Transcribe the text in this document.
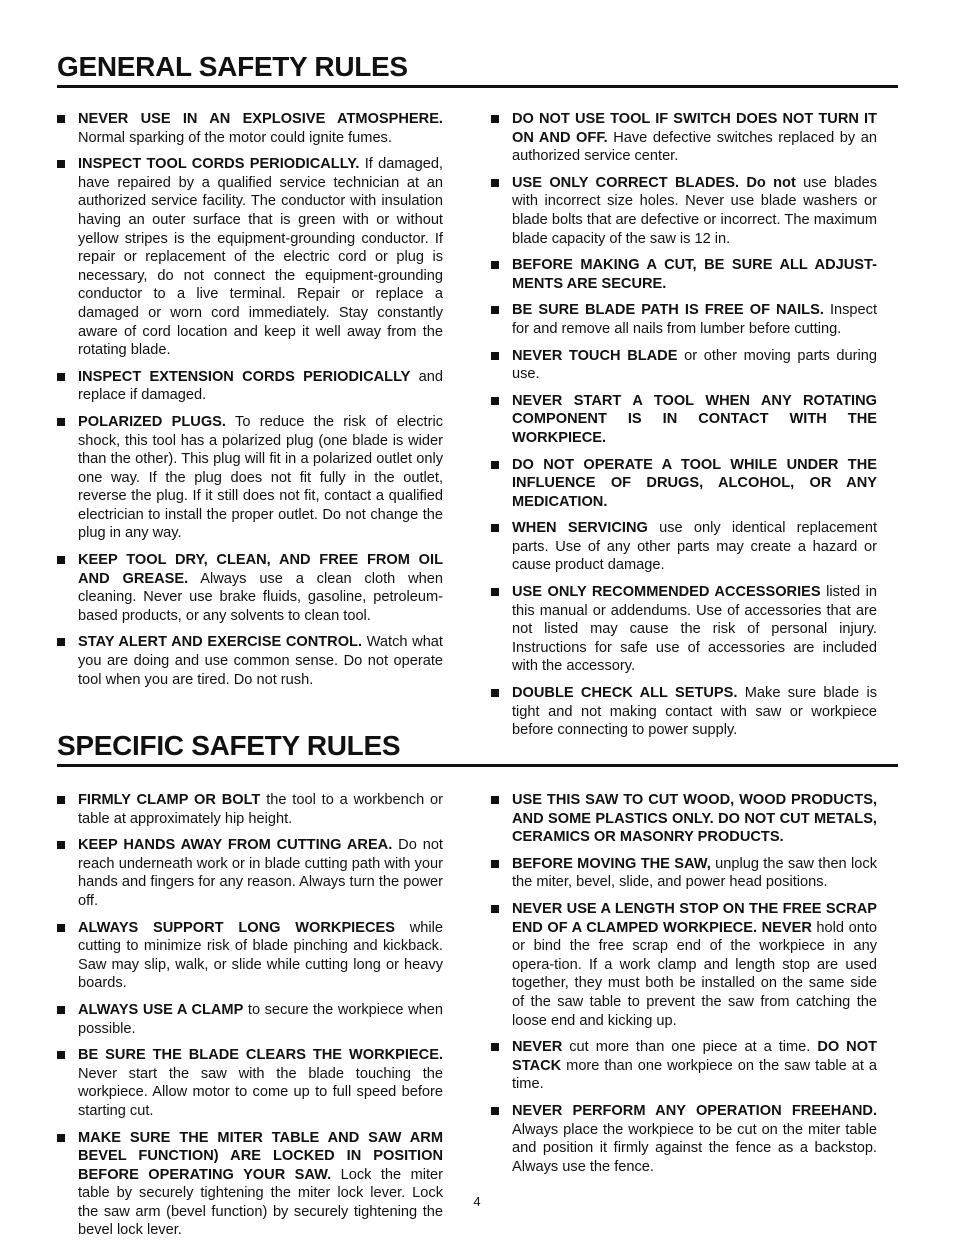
GENERAL SAFETY RULES
NEVER USE IN AN EXPLOSIVE ATMOSPHERE. Normal sparking of the motor could ignite fumes.
INSPECT TOOL CORDS PERIODICALLY. If damaged, have repaired by a qualified service technician at an authorized service facility. The conductor with insulation having an outer surface that is green with or without yellow stripes is the equipment-grounding conductor. If repair or replacement of the electric cord or plug is necessary, do not connect the equipment-grounding conductor to a live terminal. Repair or replace a damaged or worn cord immediately. Stay constantly aware of cord location and keep it well away from the rotating blade.
INSPECT EXTENSION CORDS PERIODICALLY and replace if damaged.
POLARIZED PLUGS. To reduce the risk of electric shock, this tool has a polarized plug (one blade is wider than the other). This plug will fit in a polarized outlet only one way. If the plug does not fit fully in the outlet, reverse the plug. If it still does not fit, contact a qualified electrician to install the proper outlet. Do not change the plug in any way.
KEEP TOOL DRY, CLEAN, AND FREE FROM OIL AND GREASE. Always use a clean cloth when cleaning. Never use brake fluids, gasoline, petroleum-based products, or any solvents to clean tool.
STAY ALERT AND EXERCISE CONTROL. Watch what you are doing and use common sense. Do not operate tool when you are tired. Do not rush.
DO NOT USE TOOL IF SWITCH DOES NOT TURN IT ON AND OFF. Have defective switches replaced by an authorized service center.
USE ONLY CORRECT BLADES. Do not use blades with incorrect size holes. Never use blade washers or blade bolts that are defective or incorrect. The maximum blade capacity of the saw is 12 in.
BEFORE MAKING A CUT, BE SURE ALL ADJUST-MENTS ARE SECURE.
BE SURE BLADE PATH IS FREE OF NAILS. Inspect for and remove all nails from lumber before cutting.
NEVER TOUCH BLADE or other moving parts during use.
NEVER START A TOOL WHEN ANY ROTATING COMPONENT IS IN CONTACT WITH THE WORKPIECE.
DO NOT OPERATE A TOOL WHILE UNDER THE INFLUENCE OF DRUGS, ALCOHOL, OR ANY MEDICATION.
WHEN SERVICING use only identical replacement parts. Use of any other parts may create a hazard or cause product damage.
USE ONLY RECOMMENDED ACCESSORIES listed in this manual or addendums. Use of accessories that are not listed may cause the risk of personal injury. Instructions for safe use of accessories are included with the accessory.
DOUBLE CHECK ALL SETUPS. Make sure blade is tight and not making contact with saw or workpiece before connecting to power supply.
SPECIFIC SAFETY RULES
FIRMLY CLAMP OR BOLT the tool to a workbench or table at approximately hip height.
KEEP HANDS AWAY FROM CUTTING AREA. Do not reach underneath work or in blade cutting path with your hands and fingers for any reason. Always turn the power off.
ALWAYS SUPPORT LONG WORKPIECES while cutting to minimize risk of blade pinching and kickback. Saw may slip, walk, or slide while cutting long or heavy boards.
ALWAYS USE A CLAMP to secure the workpiece when possible.
BE SURE THE BLADE CLEARS THE WORKPIECE. Never start the saw with the blade touching the workpiece. Allow motor to come up to full speed before starting cut.
MAKE SURE THE MITER TABLE AND SAW ARM BEVEL FUNCTION) ARE LOCKED IN POSITION BEFORE OPERATING YOUR SAW. Lock the miter table by securely tightening the miter lock lever. Lock the saw arm (bevel function) by securely tightening the bevel lock lever.
USE THIS SAW TO CUT WOOD, WOOD PRODUCTS, AND SOME PLASTICS ONLY. DO NOT CUT METALS, CERAMICS OR MASONRY PRODUCTS.
BEFORE MOVING THE SAW, unplug the saw then lock the miter, bevel, slide, and power head positions.
NEVER USE A LENGTH STOP ON THE FREE SCRAP END OF A CLAMPED WORKPIECE. NEVER hold onto or bind the free scrap end of the workpiece in any opera-tion. If a work clamp and length stop are used together, they must both be installed on the same side of the saw table to prevent the saw from catching the loose end and kicking up.
NEVER cut more than one piece at a time. DO NOT STACK more than one workpiece on the saw table at a time.
NEVER PERFORM ANY OPERATION FREEHAND. Always place the workpiece to be cut on the miter table and position it firmly against the fence as a backstop. Always use the fence.
4
